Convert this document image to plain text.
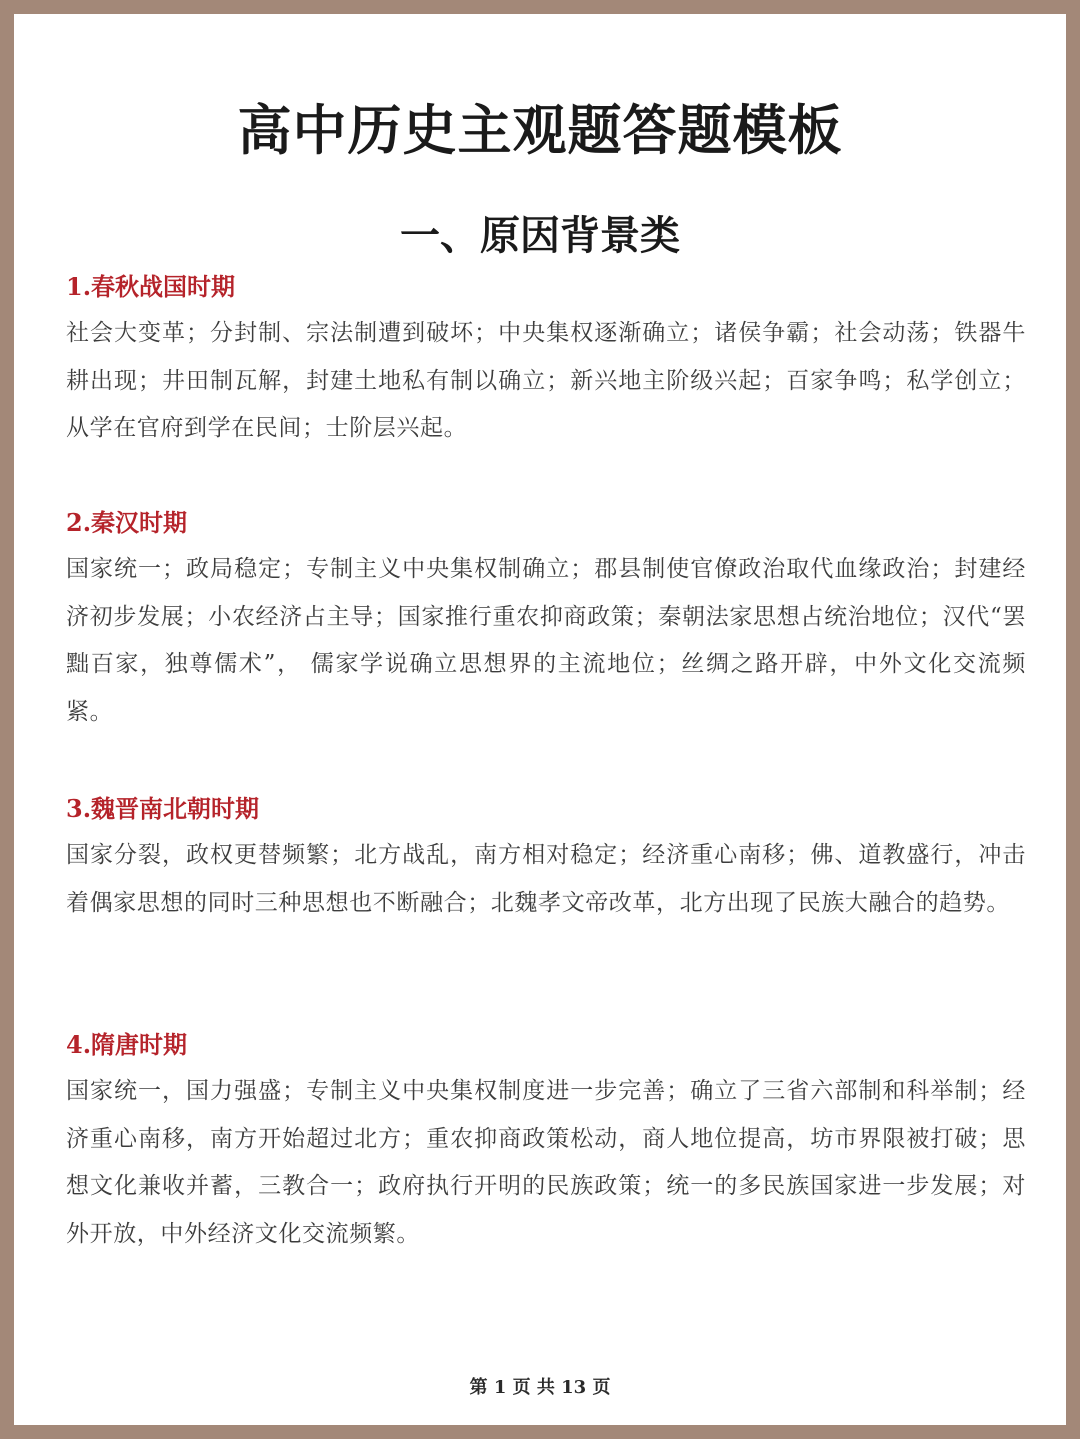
高中历史主观题答题模板
一、原因背景类
1.春秋战国时期

社会大变革；分封制、宗法制遭到破坏；中央集权逐渐确立；诸侯争霸；社会动荡；铁器牛耕出现；井田制瓦解，封建土地私有制以确立；新兴地主阶级兴起；百家争鸣；私学创立；从学在官府到学在民间；士阶层兴起。

2.秦汉时期

国家统一；政局稳定；专制主义中央集权制确立；郡县制使官僚政治取代血缘政治；封建经济初步发展；小农经济占主导；国家推行重农抑商政策；秦朝法家思想占统治地位；汉代“罢黜百家，独尊儒术”， 儒家学说确立思想界的主流地位；丝绸之路开辟，中外文化交流频紧。

3.魏晋南北朝时期

国家分裂，政权更替频繁；北方战乱，南方相对稳定；经济重心南移；佛、道教盛行，冲击着偶家思想的同时三种思想也不断融合；北魏孝文帝改革，北方出现了民族大融合的趋势。

4.隋唐时期

国家统一，国力强盛；专制主义中央集权制度进一步完善；确立了三省六部制和科举制；经济重心南移，南方开始超过北方；重农抑商政策松动，商人地位提高，坊市界限被打破；思想文化兼收并蓄，三教合一；政府执行开明的民族政策；统一的多民族国家进一步发展；对外开放，中外经济文化交流频繁。

第 1 页 共 13 页
